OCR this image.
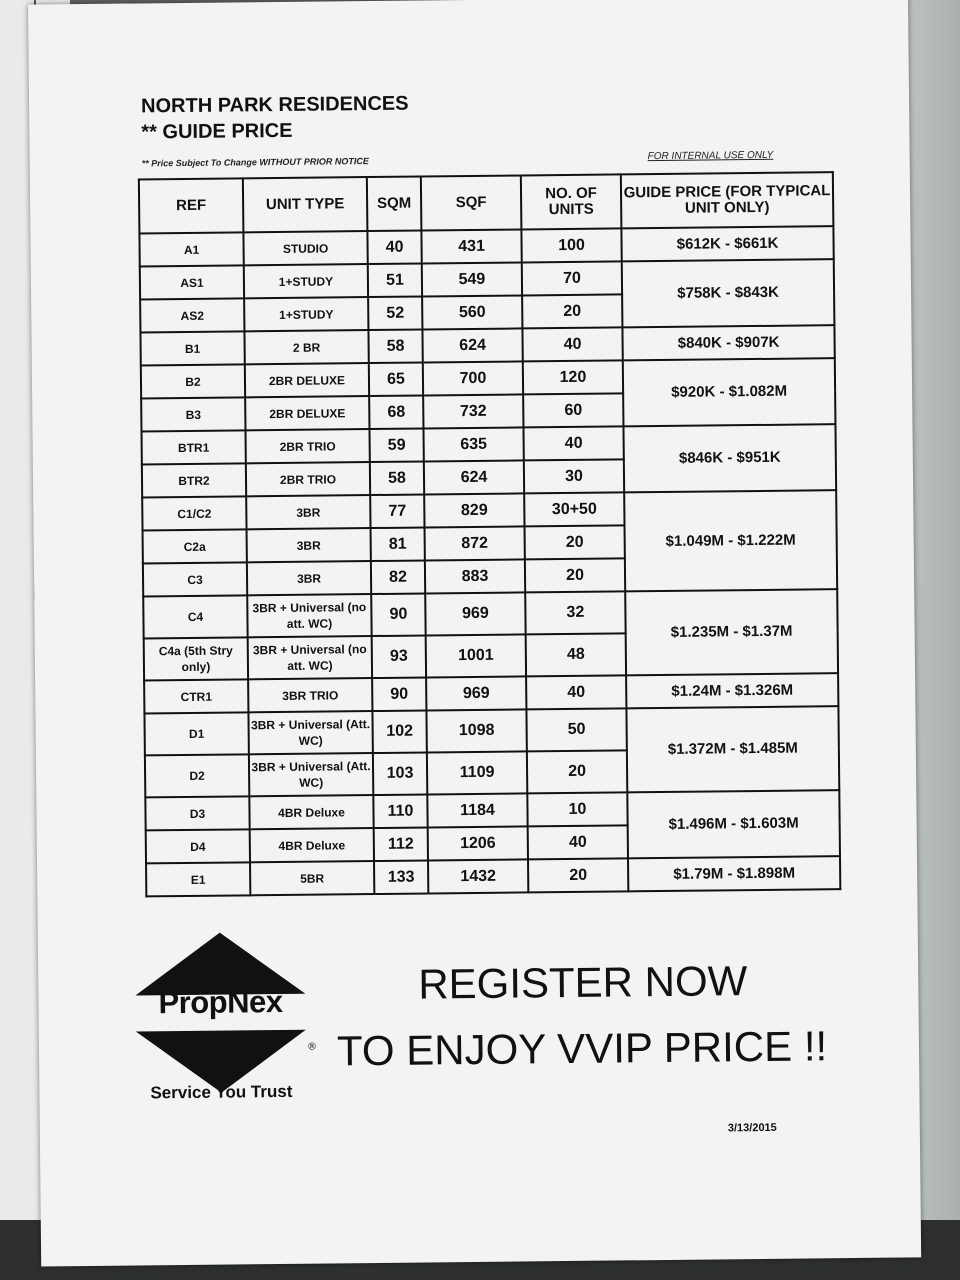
NORTH PARK RESIDENCES
** GUIDE PRICE
** Price Subject To Change WITHOUT PRIOR NOTICE
FOR INTERNAL USE ONLY
REF	UNIT TYPE	SQM	SQF	NO. OF UNITS	GUIDE PRICE (FOR TYPICAL UNIT ONLY)
A1	STUDIO	40	431	100	$612K - $661K
AS1	1+STUDY	51	549	70	$758K - $843K
AS2	1+STUDY	52	560	20	
B1	2 BR	58	624	40	$840K - $907K
B2	2BR DELUXE	65	700	120	$920K - $1.082M
B3	2BR DELUXE	68	732	60	
BTR1	2BR TRIO	59	635	40	$846K - $951K
BTR2	2BR TRIO	58	624	30	
C1/C2	3BR	77	829	30+50	$1.049M - $1.222M
C2a	3BR	81	872	20	
C3	3BR	82	883	20	
C4	3BR + Universal (no att. WC)	90	969	32	$1.235M - $1.37M
C4a (5th Stry only)	3BR + Universal (no att. WC)	93	1001	48	
CTR1	3BR TRIO	90	969	40	$1.24M - $1.326M
D1	3BR + Universal (Att. WC)	102	1098	50	$1.372M - $1.485M
D2	3BR + Universal (Att. WC)	103	1109	20	
D3	4BR Deluxe	110	1184	10	$1.496M - $1.603M
D4	4BR Deluxe	112	1206	40	
E1	5BR	133	1432	20	$1.79M - $1.898M
®
PropNex
Service You Trust
REGISTER NOW
TO ENJOY VVIP PRICE !!
3/13/2015
